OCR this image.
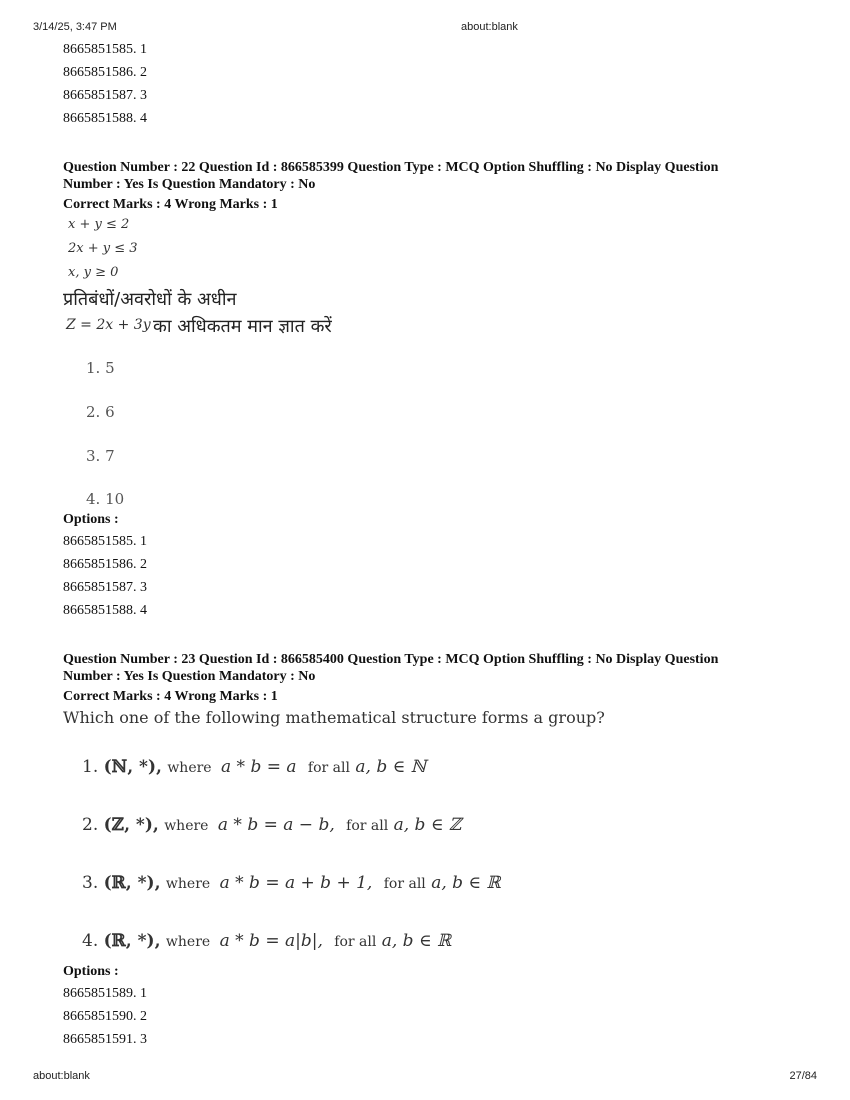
3/14/25, 3:47 PM	about:blank
8665851585. 1
8665851586. 2
8665851587. 3
8665851588. 4
Question Number : 22 Question Id : 866585399 Question Type : MCQ Option Shuffling : No Display Question
Number : Yes Is Question Mandatory : No
Correct Marks : 4 Wrong Marks : 1
x + y ≤ 2
2x + y ≤ 3
x, y ≥ 0
प्रतिबंधों/अवरोधों के अधीन
Z = 2x + 3y का अधिकतम मान ज्ञात करें
1. 5
2. 6
3. 7
4. 10
Options :
8665851585. 1
8665851586. 2
8665851587. 3
8665851588. 4
Question Number : 23 Question Id : 866585400 Question Type : MCQ Option Shuffling : No Display Question
Number : Yes Is Question Mandatory : No
Correct Marks : 4 Wrong Marks : 1
Which one of the following mathematical structure forms a group?
1. (ℕ, *), where a * b = a for all a, b ∈ ℕ
2. (ℤ, *), where a * b = a − b, for all a, b ∈ ℤ
3. (ℝ, *), where a * b = a + b + 1, for all a, b ∈ ℝ
4. (ℝ, *), where a * b = a|b|, for all a, b ∈ ℝ
Options :
8665851589. 1
8665851590. 2
8665851591. 3
about:blank	27/84
